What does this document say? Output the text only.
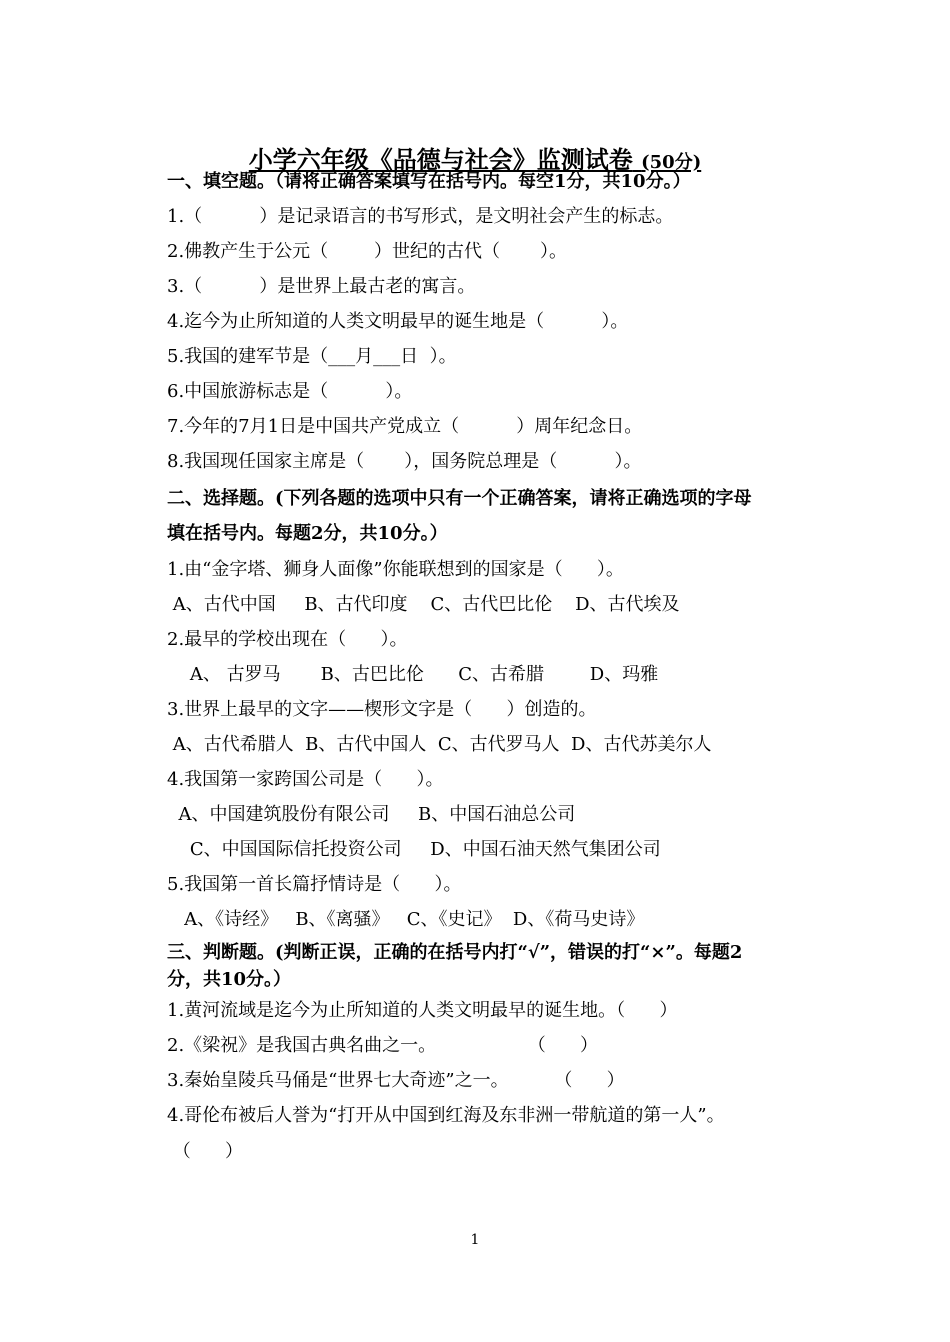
小学六年级《品德与社会》监测试卷 (50分)
一、填空题。（请将正确答案填写在括号内。每空1分，共10分。）
1.（          ）是记录语言的书写形式，是文明社会产生的标志。
2.佛教产生于公元（        ）世纪的古代（       ）。
3.（          ）是世界上最古老的寓言。
4.迄今为止所知道的人类文明最早的诞生地是（          ）。
5.我国的建军节是（___月___日  ）。
6.中国旅游标志是（          ）。
7.今年的7月1日是中国共产党成立（          ）周年纪念日。
8.我国现任国家主席是（       ），国务院总理是（          ）。
二、选择题。(下列各题的选项中只有一个正确答案，请将正确选项的字母
填在括号内。每题2分，共10分。）
1.由“金字塔、狮身人面像”你能联想到的国家是（      ）。
A、古代中国     B、古代印度    C、古代巴比伦    D、古代埃及
2.最早的学校出现在（      ）。
A、 古罗马       B、古巴比伦      C、古希腊        D、玛雅
3.世界上最早的文字——楔形文字是（      ）创造的。
A、古代希腊人  B、古代中国人  C、古代罗马人  D、古代苏美尔人
4.我国第一家跨国公司是（      ）。
A、中国建筑股份有限公司     B、中国石油总公司
C、中国国际信托投资公司     D、中国石油天然气集团公司
5.我国第一首长篇抒情诗是（      ）。
A、《诗经》   B、《离骚》   C、《史记》  D、《荷马史诗》
三、判断题。(判断正误，正确的在括号内打“√”，错误的打“×”。每题2
分，共10分。）
1.黄河流域是迄今为止所知道的人类文明最早的诞生地。（      ）
2.《梁祝》是我国古典名曲之一。                （      ）
3.秦始皇陵兵马俑是“世界七大奇迹”之一。        （      ）
4.哥伦布被后人誉为“打开从中国到红海及东非洲一带航道的第一人”。
（      ）
1
